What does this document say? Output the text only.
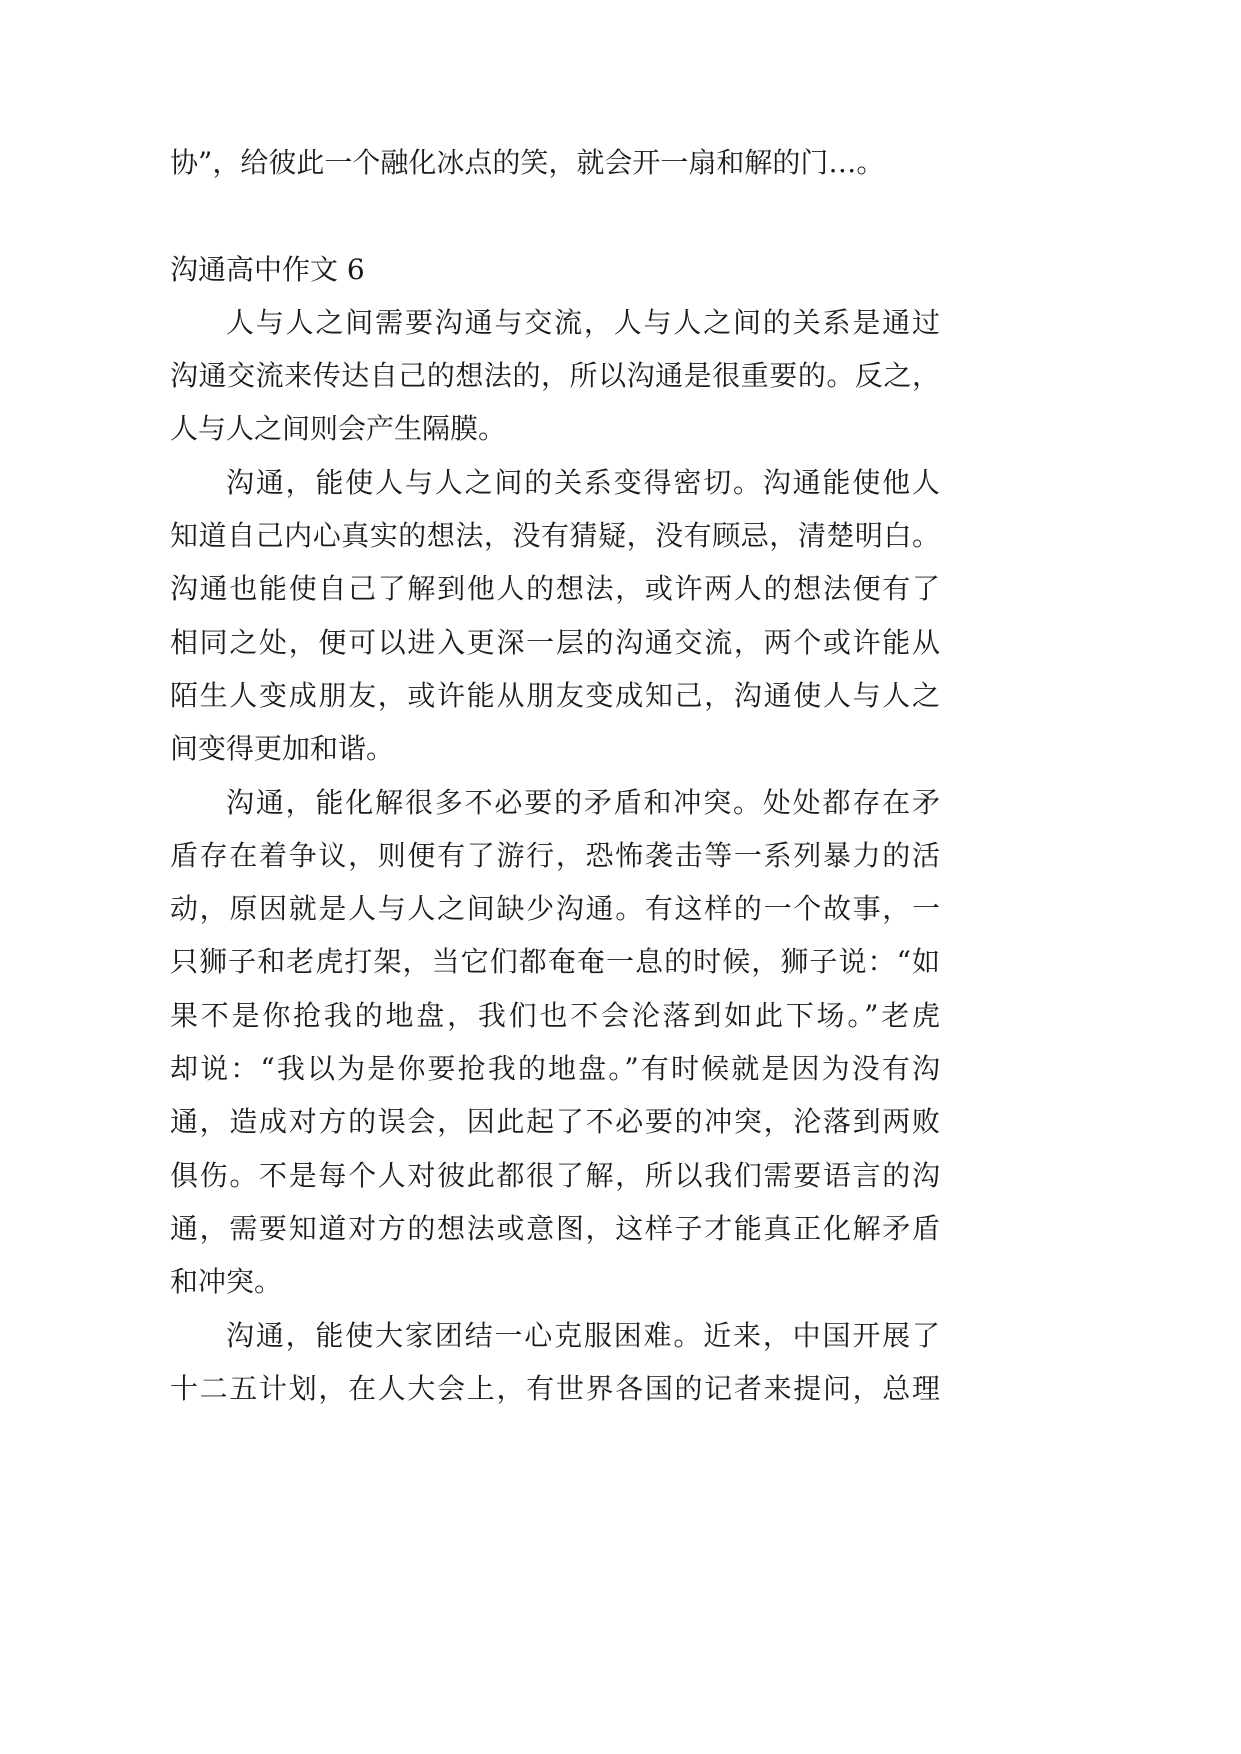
协”，给彼此一个融化冰点的笑，就会开一扇和解的门…。
沟通高中作文 6
人与人之间需要沟通与交流，人与人之间的关系是通过
沟通交流来传达自己的想法的，所以沟通是很重要的。反之，
人与人之间则会产生隔膜。
沟通，能使人与人之间的关系变得密切。沟通能使他人
知道自己内心真实的想法，没有猜疑，没有顾忌，清楚明白。
沟通也能使自己了解到他人的想法，或许两人的想法便有了
相同之处，便可以进入更深一层的沟通交流，两个或许能从
陌生人变成朋友，或许能从朋友变成知己，沟通使人与人之
间变得更加和谐。
沟通，能化解很多不必要的矛盾和冲突。处处都存在矛
盾存在着争议，则便有了游行，恐怖袭击等一系列暴力的活
动，原因就是人与人之间缺少沟通。有这样的一个故事，一
只狮子和老虎打架，当它们都奄奄一息的时候，狮子说：“如
果不是你抢我的地盘，我们也不会沦落到如此下场。”老虎
却说：“我以为是你要抢我的地盘。”有时候就是因为没有沟
通，造成对方的误会，因此起了不必要的冲突，沦落到两败
俱伤。不是每个人对彼此都很了解，所以我们需要语言的沟
通，需要知道对方的想法或意图，这样子才能真正化解矛盾
和冲突。
沟通，能使大家团结一心克服困难。近来，中国开展了
十二五计划，在人大会上，有世界各国的记者来提问，总理
